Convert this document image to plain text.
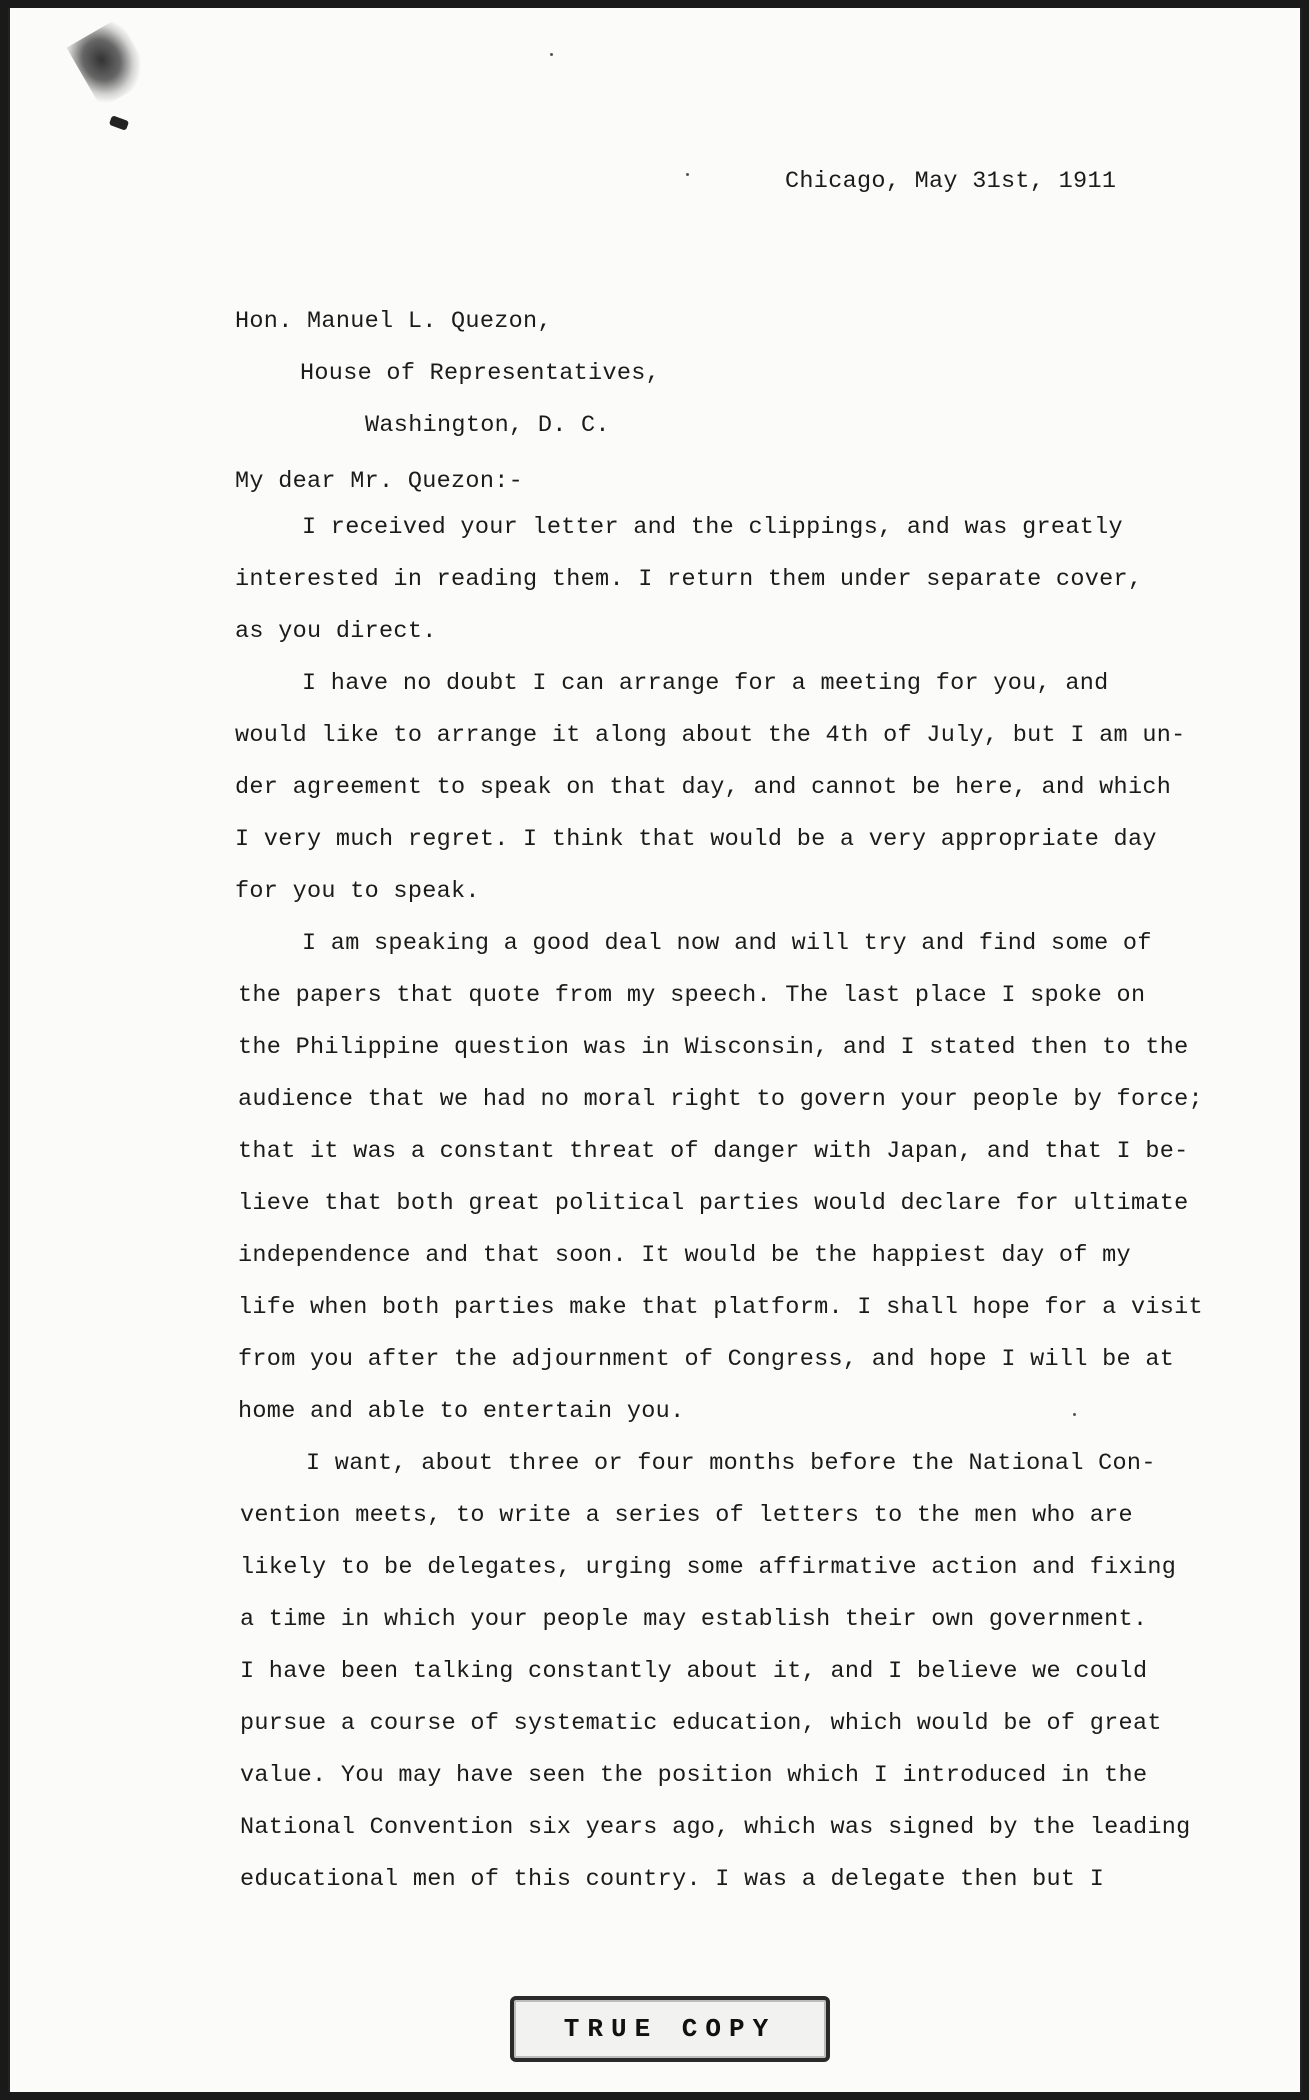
Chicago, May 31st, 1911
Hon. Manuel L. Quezon,
House of Representatives,
Washington, D. C.
My dear Mr. Quezon:-
I received your letter and the clippings, and was greatly
interested in reading them. I return them under separate cover,
as you direct.
I have no doubt I can arrange for a meeting for you, and
would like to arrange it along about the 4th of July, but I am un-
der agreement to speak on that day, and cannot be here, and which
I very much regret. I think that would be a very appropriate day
for you to speak.
I am speaking a good deal now and will try and find some of
the papers that quote from my speech. The last place I spoke on
the Philippine question was in Wisconsin, and I stated then to the
audience that we had no moral right to govern your people by force;
that it was a constant threat of danger with Japan, and that I be-
lieve that both great political parties would declare for ultimate
independence and that soon. It would be the happiest day of my
life when both parties make that platform. I shall hope for a visit
from you after the adjournment of Congress, and hope I will be at
home and able to entertain you.
I want, about three or four months before the National Con-
vention meets, to write a series of letters to the men who are
likely to be delegates, urging some affirmative action and fixing
a time in which your people may establish their own government.
I have been talking constantly about it, and I believe we could
pursue a course of systematic education, which would be of great
value. You may have seen the position which I introduced in the
National Convention six years ago, which was signed by the leading
educational men of this country. I was a delegate then but I
TRUE COPY
